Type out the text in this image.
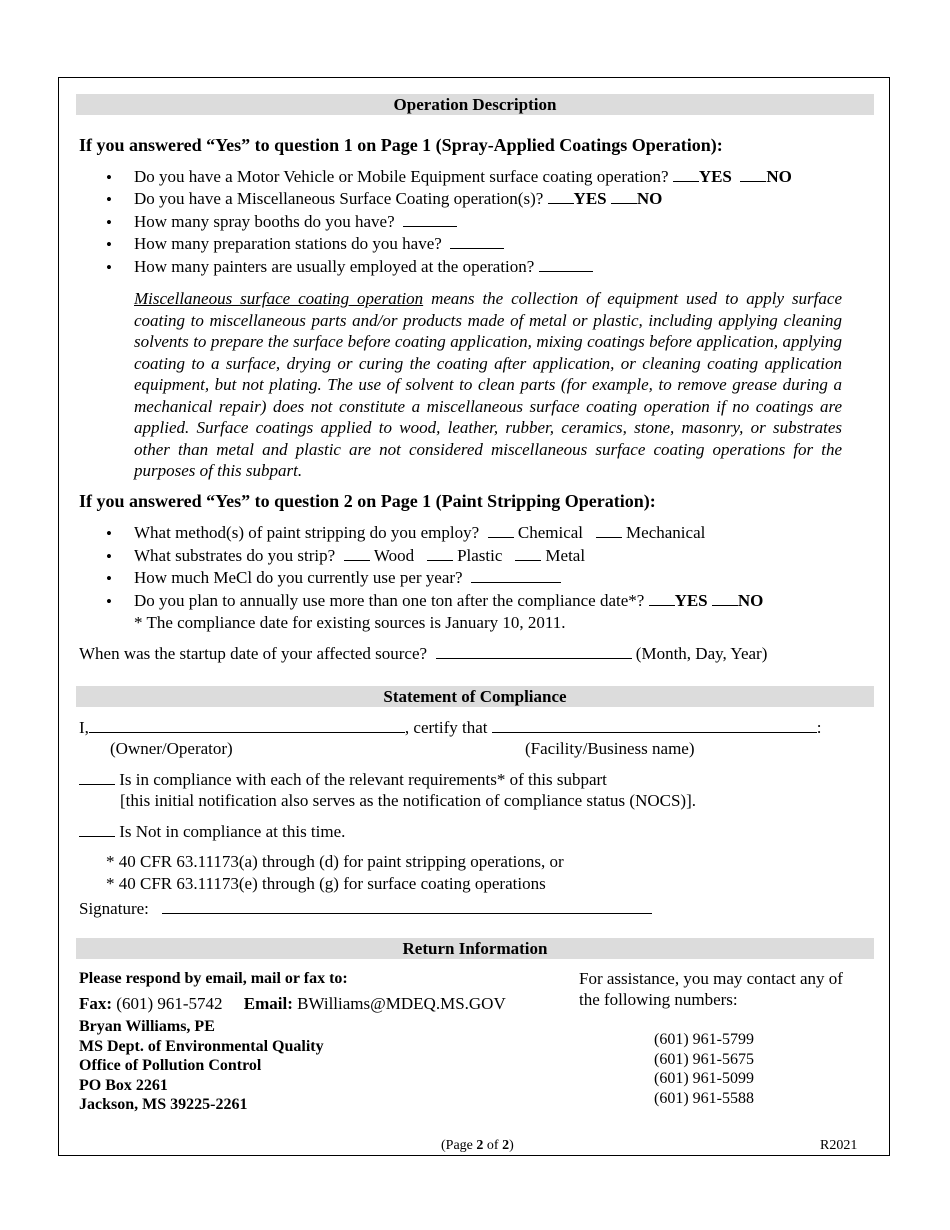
Operation Description
If you answered “Yes” to question 1 on Page 1 (Spray-Applied Coatings Operation):
• Do you have a Motor Vehicle or Mobile Equipment surface coating operation? YES NO
• Do you have a Miscellaneous Surface Coating operation(s)? YES NO
• How many spray booths do you have?
• How many preparation stations do you have?
• How many painters are usually employed at the operation?
Miscellaneous surface coating operation means the collection of equipment used to apply surface coating to miscellaneous parts and/or products made of metal or plastic, including applying cleaning solvents to prepare the surface before coating application, mixing coatings before application, applying coating to a surface, drying or curing the coating after application, or cleaning coating application equipment, but not plating. The use of solvent to clean parts (for example, to remove grease during a mechanical repair) does not constitute a miscellaneous surface coating operation if no coatings are applied. Surface coatings applied to wood, leather, rubber, ceramics, stone, masonry, or substrates other than metal and plastic are not considered miscellaneous surface coating operations for the purposes of this subpart.
If you answered “Yes” to question 2 on Page 1 (Paint Stripping Operation):
• What method(s) of paint stripping do you employ? Chemical	Mechanical
• What substrates do you strip? Wood	Plastic	Metal
• How much MeCl do you currently use per year?
• Do you plan to annually use more than one ton after the compliance date*? YES NO
* The compliance date for existing sources is January 10, 2011.
When was the startup date of your affected source?	(Month, Day, Year)
Statement of Compliance
I,	, certify that	:
(Owner/Operator)	(Facility/Business name)
Is in compliance with each of the relevant requirements* of this subpart
[this initial notification also serves as the notification of compliance status (NOCS)].
Is Not in compliance at this time.
* 40 CFR 63.11173(a) through (d) for paint stripping operations, or
* 40 CFR 63.11173(e) through (g) for surface coating operations
Signature:
Return Information
Please respond by email, mail or fax to:
Fax: (601) 961-5742 Email: BWilliams@MDEQ.MS.GOV
Bryan Williams, PE
MS Dept. of Environmental Quality
Office of Pollution Control
PO Box 2261
Jackson, MS 39225-2261
For assistance, you may contact any of
the following numbers:
(601) 961-5799
(601) 961-5675
(601) 961-5099
(601) 961-5588
(Page 2 of 2)	R2021
